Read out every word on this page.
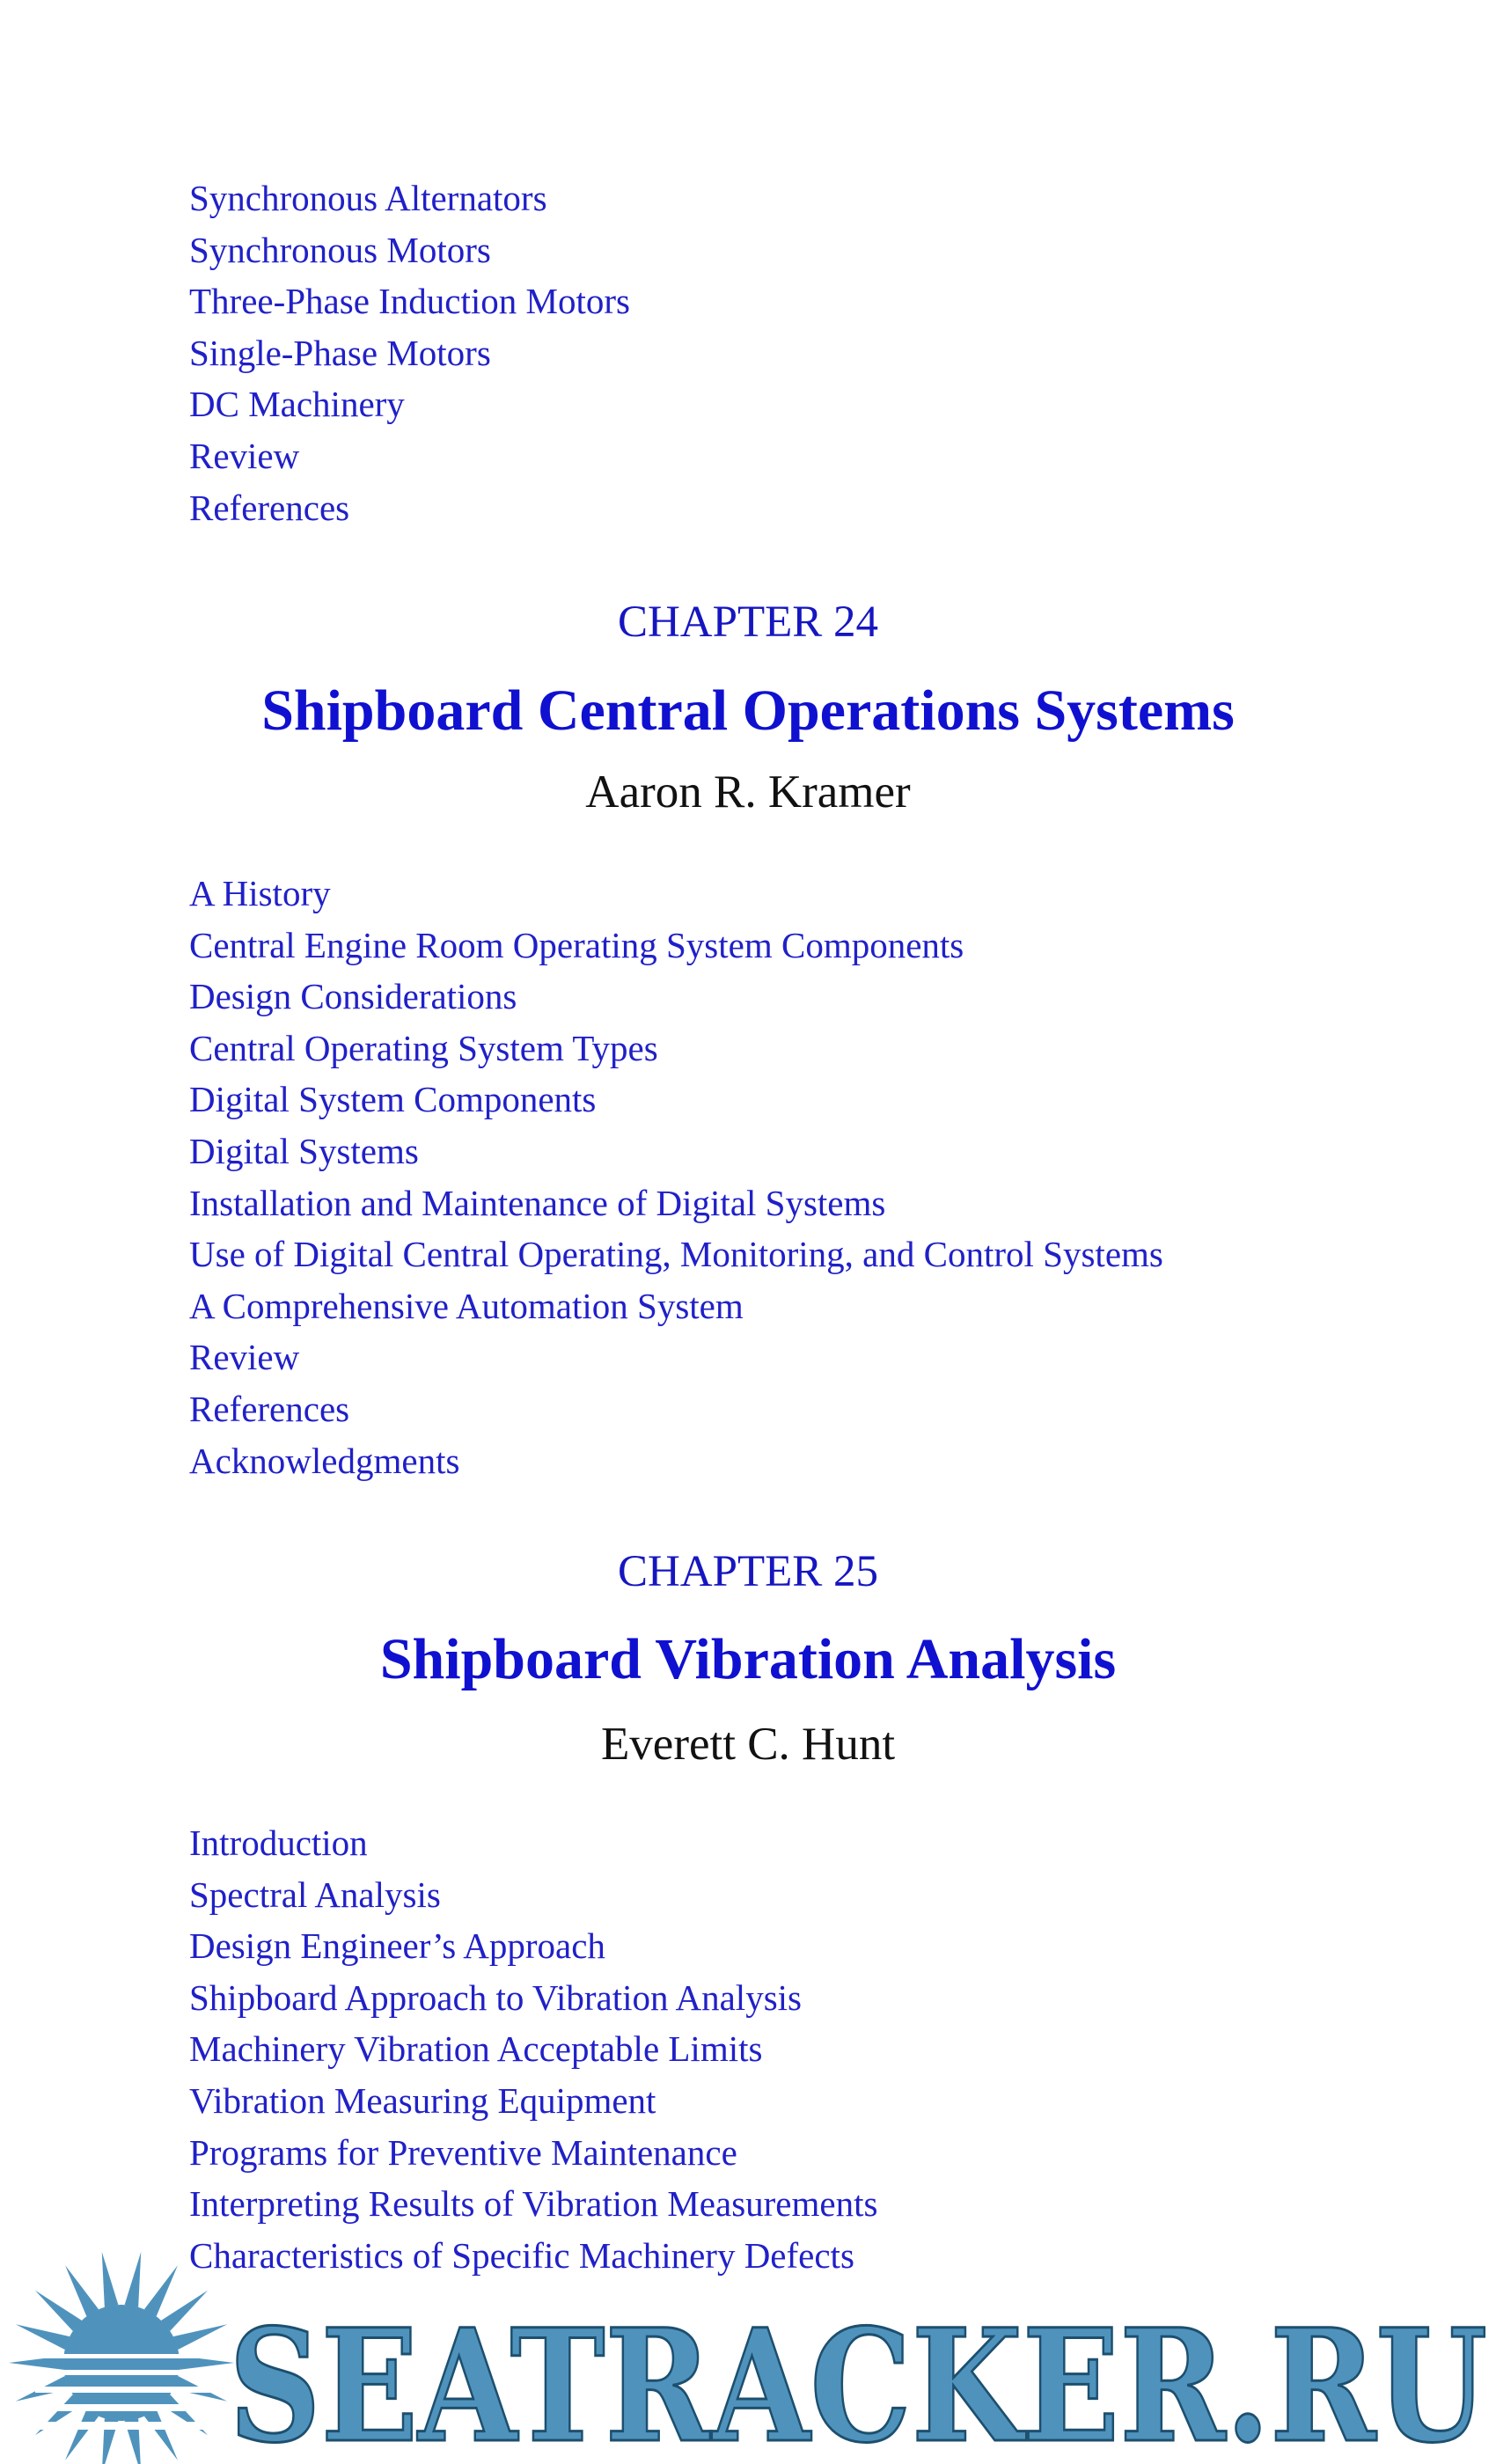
Synchronous Alternators
Synchronous Motors
Three-Phase Induction Motors
Single-Phase Motors
DC Machinery
Review
References
CHAPTER 24
Shipboard Central Operations Systems
Aaron R. Kramer
A History
Central Engine Room Operating System Components
Design Considerations
Central Operating System Types
Digital System Components
Digital Systems
Installation and Maintenance of Digital Systems
Use of Digital Central Operating, Monitoring, and Control Systems
A Comprehensive Automation System
Review
References
Acknowledgments
CHAPTER 25
Shipboard Vibration Analysis
Everett C. Hunt
Introduction
Spectral Analysis
Design Engineer’s Approach
Shipboard Approach to Vibration Analysis
Machinery Vibration Acceptable Limits
Vibration Measuring Equipment
Programs for Preventive Maintenance
Interpreting Results of Vibration Measurements
Characteristics of Specific Machinery Defects
SEATRACKER.RU
